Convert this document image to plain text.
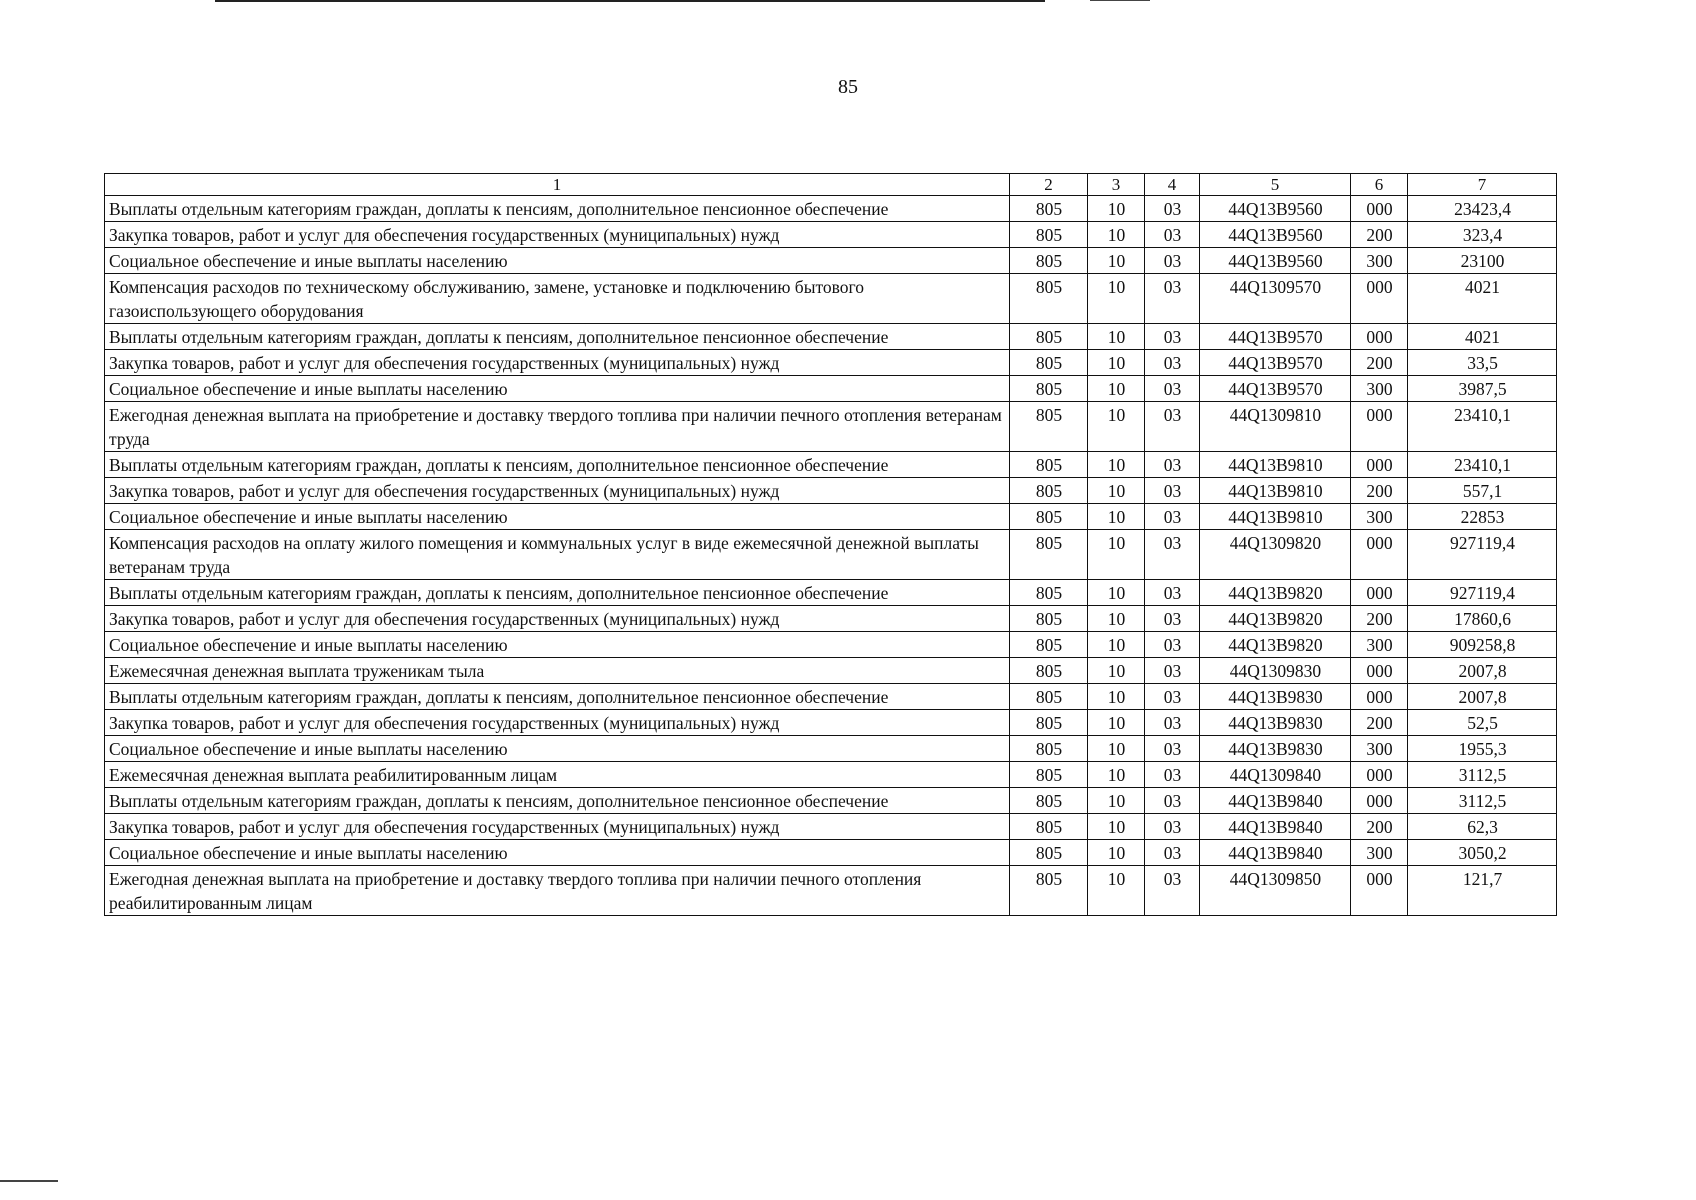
85
1	2	3	4	5	6	7
Выплаты отдельным категориям граждан, доплаты к пенсиям, дополнительное пенсионное обеспечение	805	10	03	44Q13B9560	000	23423,4
Закупка товаров, работ и услуг для обеспечения государственных (муниципальных) нужд	805	10	03	44Q13B9560	200	323,4
Социальное обеспечение и иные выплаты населению	805	10	03	44Q13B9560	300	23100
Компенсация расходов по техническому обслуживанию, замене, установке и подключению бытового газоиспользующего оборудования	805	10	03	44Q1309570	000	4021
Выплаты отдельным категориям граждан, доплаты к пенсиям, дополнительное пенсионное обеспечение	805	10	03	44Q13B9570	000	4021
Закупка товаров, работ и услуг для обеспечения государственных (муниципальных) нужд	805	10	03	44Q13B9570	200	33,5
Социальное обеспечение и иные выплаты населению	805	10	03	44Q13B9570	300	3987,5
Ежегодная денежная выплата на приобретение и доставку твердого топлива при наличии печного отопления ветеранам труда	805	10	03	44Q1309810	000	23410,1
Выплаты отдельным категориям граждан, доплаты к пенсиям, дополнительное пенсионное обеспечение	805	10	03	44Q13B9810	000	23410,1
Закупка товаров, работ и услуг для обеспечения государственных (муниципальных) нужд	805	10	03	44Q13B9810	200	557,1
Социальное обеспечение и иные выплаты населению	805	10	03	44Q13B9810	300	22853
Компенсация расходов на оплату жилого помещения и коммунальных услуг в виде ежемесячной денежной выплаты ветеранам труда	805	10	03	44Q1309820	000	927119,4
Выплаты отдельным категориям граждан, доплаты к пенсиям, дополнительное пенсионное обеспечение	805	10	03	44Q13B9820	000	927119,4
Закупка товаров, работ и услуг для обеспечения государственных (муниципальных) нужд	805	10	03	44Q13B9820	200	17860,6
Социальное обеспечение и иные выплаты населению	805	10	03	44Q13B9820	300	909258,8
Ежемесячная денежная выплата труженикам тыла	805	10	03	44Q1309830	000	2007,8
Выплаты отдельным категориям граждан, доплаты к пенсиям, дополнительное пенсионное обеспечение	805	10	03	44Q13B9830	000	2007,8
Закупка товаров, работ и услуг для обеспечения государственных (муниципальных) нужд	805	10	03	44Q13B9830	200	52,5
Социальное обеспечение и иные выплаты населению	805	10	03	44Q13B9830	300	1955,3
Ежемесячная денежная выплата реабилитированным лицам	805	10	03	44Q1309840	000	3112,5
Выплаты отдельным категориям граждан, доплаты к пенсиям, дополнительное пенсионное обеспечение	805	10	03	44Q13B9840	000	3112,5
Закупка товаров, работ и услуг для обеспечения государственных (муниципальных) нужд	805	10	03	44Q13B9840	200	62,3
Социальное обеспечение и иные выплаты населению	805	10	03	44Q13B9840	300	3050,2
Ежегодная денежная выплата на приобретение и доставку твердого топлива при наличии печного отопления реабилитированным лицам	805	10	03	44Q1309850	000	121,7
